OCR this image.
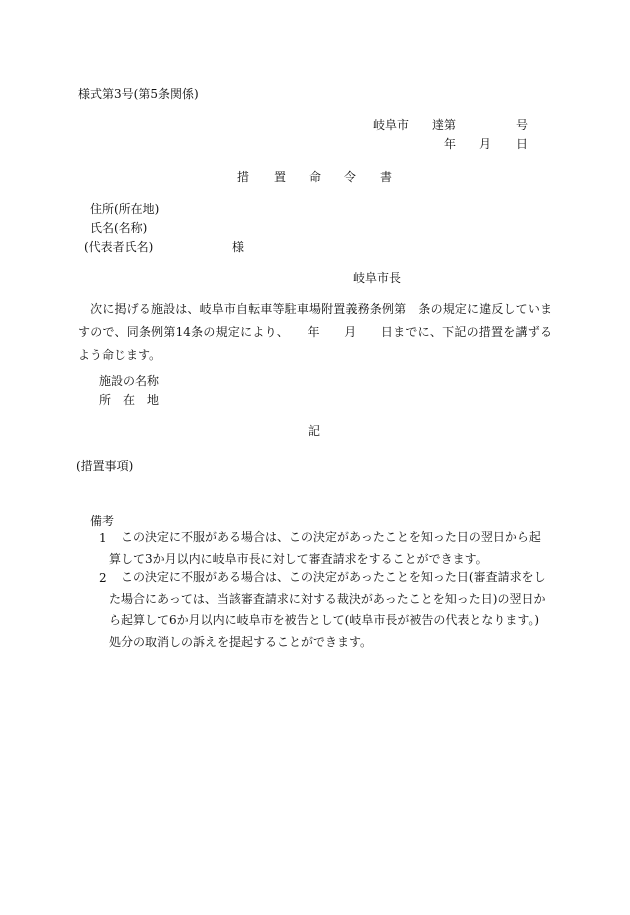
様式第3号(第5条関係)
岐阜市 達第	号
年 月 日
措 置 命 令 書
住所(所在地)
氏名(名称)
(代表者氏名)	様
岐阜市長
　次に掲げる施設は、岐阜市自転車等駐車場附置義務条例第　条の規定に違反していますので、同条例第14条の規定により、　　年　　月　　日までに、下記の措置を講ずるよう命じます。
施設の名称
所　在　地
記
(措置事項)
備考
1	この決定に不服がある場合は、この決定があったことを知った日の翌日から起算して3か月以内に岐阜市長に対して審査請求をすることができます。
2	この決定に不服がある場合は、この決定があったことを知った日(審査請求をした場合にあっては、当該審査請求に対する裁決があったことを知った日)の翌日から起算して6か月以内に岐阜市を被告として(岐阜市長が被告の代表となります。)処分の取消しの訴えを提起することができます。
